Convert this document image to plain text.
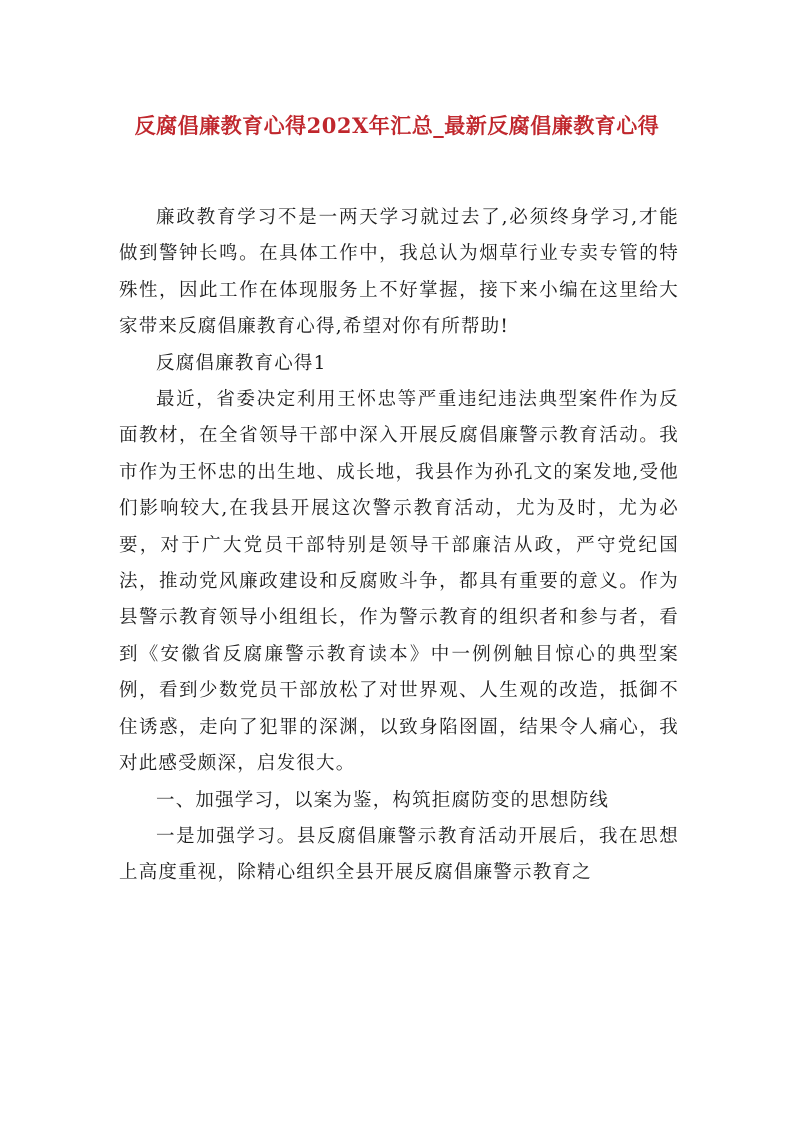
反腐倡廉教育心得202X年汇总_最新反腐倡廉教育心得

廉政教育学习不是一两天学习就过去了,必须终身学习,才能做到警钟长鸣。在具体工作中，我总认为烟草行业专卖专管的特殊性，因此工作在体现服务上不好掌握，接下来小编在这里给大家带来反腐倡廉教育心得,希望对你有所帮助!

反腐倡廉教育心得1

最近，省委决定利用王怀忠等严重违纪违法典型案件作为反面教材，在全省领导干部中深入开展反腐倡廉警示教育活动。我市作为王怀忠的出生地、成长地，我县作为孙孔文的案发地,受他们影响较大,在我县开展这次警示教育活动，尤为及时，尤为必要，对于广大党员干部特别是领导干部廉洁从政，严守党纪国法，推动党风廉政建设和反腐败斗争，都具有重要的意义。作为县警示教育领导小组组长，作为警示教育的组织者和参与者，看到《安徽省反腐廉警示教育读本》中一例例触目惊心的典型案例，看到少数党员干部放松了对世界观、人生观的改造，抵御不住诱惑，走向了犯罪的深渊，以致身陷囹圄，结果令人痛心，我对此感受颇深，启发很大。

一、加强学习，以案为鉴，构筑拒腐防变的思想防线

一是加强学习。县反腐倡廉警示教育活动开展后，我在思想上高度重视，除精心组织全县开展反腐倡廉警示教育之
